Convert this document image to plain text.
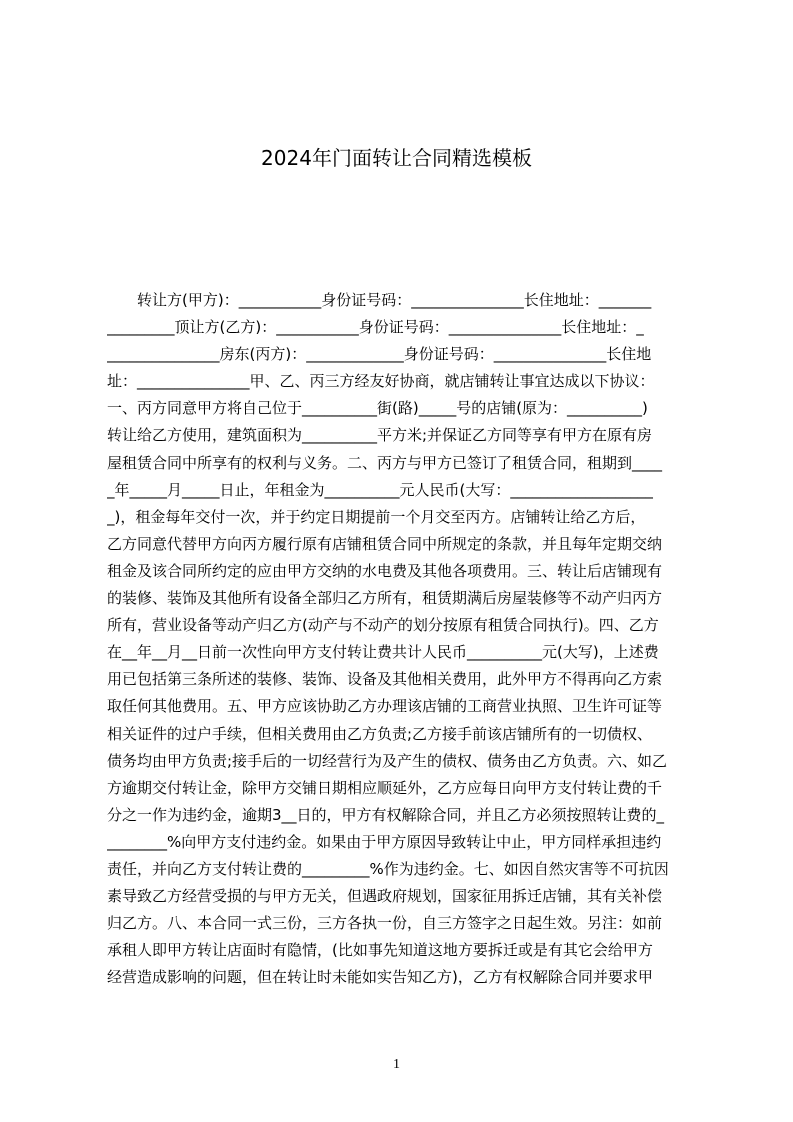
2024年门面转让合同精选模板
　　转让方(甲方)：___________身份证号码：_______________长住地址：_______
_________顶让方(乙方)：___________身份证号码：_______________长住地址：_
_______________房东(丙方)：_____________身份证号码：_______________长住地
址：_______________甲、乙、丙三方经友好协商，就店铺转让事宜达成以下协议：
一、丙方同意甲方将自己位于__________街(路)_____号的店铺(原为：__________)
转让给乙方使用，建筑面积为__________平方米;并保证乙方同等享有甲方在原有房
屋租赁合同中所享有的权利与义务。二、丙方与甲方已签订了租赁合同，租期到____
_年_____月_____日止，年租金为__________元人民币(大写：___________________
_)，租金每年交付一次，并于约定日期提前一个月交至丙方。店铺转让给乙方后，
乙方同意代替甲方向丙方履行原有店铺租赁合同中所规定的条款，并且每年定期交纳
租金及该合同所约定的应由甲方交纳的水电费及其他各项费用。三、转让后店铺现有
的装修、装饰及其他所有设备全部归乙方所有，租赁期满后房屋装修等不动产归丙方
所有，营业设备等动产归乙方(动产与不动产的划分按原有租赁合同执行)。四、乙方
在__年__月__日前一次性向甲方支付转让费共计人民币__________元(大写)，上述费
用已包括第三条所述的装修、装饰、设备及其他相关费用，此外甲方不得再向乙方索
取任何其他费用。五、甲方应该协助乙方办理该店铺的工商营业执照、卫生许可证等
相关证件的过户手续，但相关费用由乙方负责;乙方接手前该店铺所有的一切债权、
债务均由甲方负责;接手后的一切经营行为及产生的债权、债务由乙方负责。六、如乙
方逾期交付转让金，除甲方交铺日期相应顺延外，乙方应每日向甲方支付转让费的千
分之一作为违约金，逾期3__日的，甲方有权解除合同，并且乙方必须按照转让费的_
________%向甲方支付违约金。如果由于甲方原因导致转让中止，甲方同样承担违约
责任，并向乙方支付转让费的_________%作为违约金。七、如因自然灾害等不可抗因
素导致乙方经营受损的与甲方无关，但遇政府规划，国家征用拆迁店铺，其有关补偿
归乙方。八、本合同一式三份，三方各执一份，自三方签字之日起生效。另注：如前
承租人即甲方转让店面时有隐情，(比如事先知道这地方要拆迁或是有其它会给甲方
经营造成影响的问题，但在转让时未能如实告知乙方)，乙方有权解除合同并要求甲
1
